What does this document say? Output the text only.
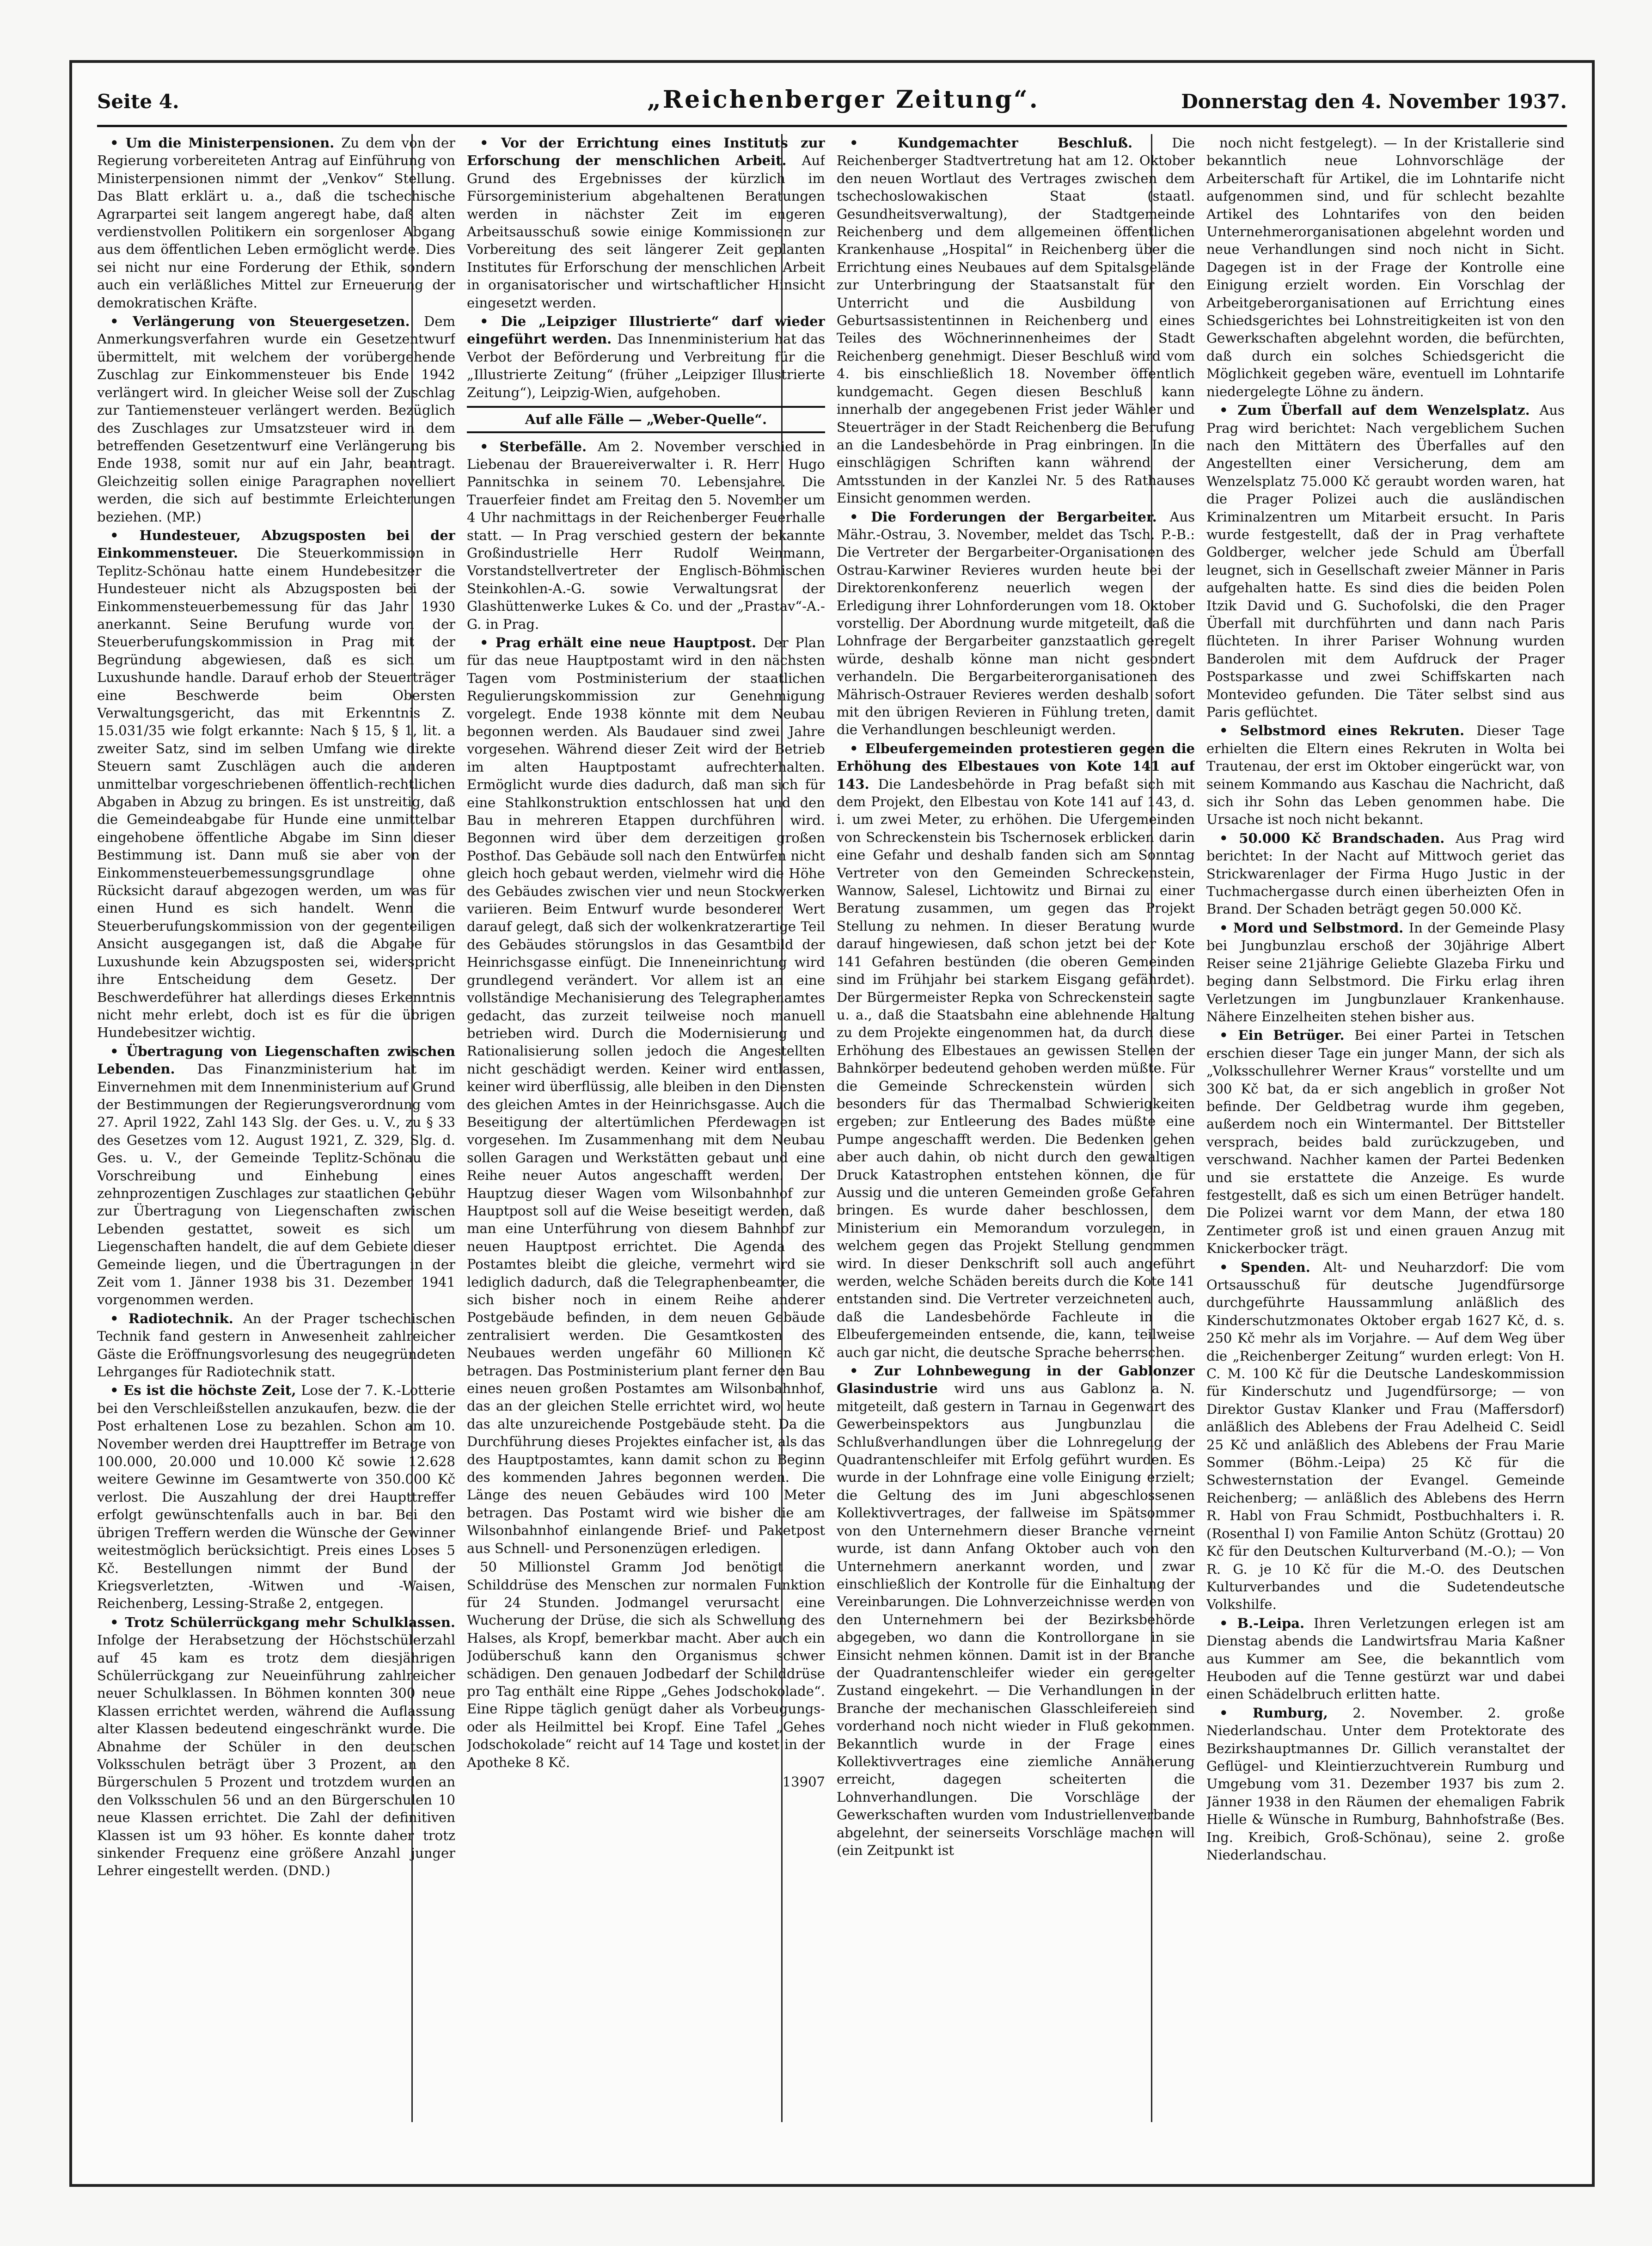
Seite 4.	„Reichenberger Zeitung“.	Donnerstag den 4. November 1937.

• Um die Ministerpensionen. Zu dem von der Regierung vorbereiteten Antrag auf Einführung von Ministerpensionen nimmt der „Venkov“ Stellung. Das Blatt erklärt u. a., daß die tschechische Agrarpartei seit langem angeregt habe, daß alten verdienstvollen Politikern ein sorgenloser Abgang aus dem öffentlichen Leben ermöglicht werde. Dies sei nicht nur eine Forderung der Ethik, sondern auch ein verläßliches Mittel zur Erneuerung der demokratischen Kräfte.

• Verlängerung von Steuergesetzen. Dem Anmerkungsverfahren wurde ein Gesetzentwurf übermittelt, mit welchem der vorübergehende Zuschlag zur Einkommensteuer bis Ende 1942 verlängert wird. In gleicher Weise soll der Zuschlag zur Tantiemensteuer verlängert werden. Bezüglich des Zuschlages zur Umsatzsteuer wird in dem betreffenden Gesetzentwurf eine Verlängerung bis Ende 1938, somit nur auf ein Jahr, beantragt. Gleichzeitig sollen einige Paragraphen novelliert werden, die sich auf bestimmte Erleichterungen beziehen. (MP.)

• Hundesteuer, Abzugsposten bei der Einkommensteuer. Die Steuerkommission in Teplitz-Schönau hatte einem Hundebesitzer die Hundesteuer nicht als Abzugsposten bei der Einkommensteuerbemessung für das Jahr 1930 anerkannt. Seine Berufung wurde von der Steuerberufungskommission in Prag mit der Begründung abgewiesen, daß es sich um Luxushunde handle. Darauf erhob der Steuerträger eine Beschwerde beim Obersten Verwaltungsgericht, das mit Erkenntnis Z. 15.031/35 wie folgt erkannte: Nach § 15, § 1, lit. a zweiter Satz, sind im selben Umfang wie direkte Steuern samt Zuschlägen auch die anderen unmittelbar vorgeschriebenen öffentlich-rechtlichen Abgaben in Abzug zu bringen. Es ist unstreitig, daß die Gemeindeabgabe für Hunde eine unmittelbar eingehobene öffentliche Abgabe im Sinn dieser Bestimmung ist. Dann muß sie aber von der Einkommensteuerbemessungsgrundlage ohne Rücksicht darauf abgezogen werden, um was für einen Hund es sich handelt. Wenn die Steuerberufungskommission von der gegenteiligen Ansicht ausgegangen ist, daß die Abgabe für Luxushunde kein Abzugsposten sei, widerspricht ihre Entscheidung dem Gesetz. Der Beschwerdeführer hat allerdings dieses Erkenntnis nicht mehr erlebt, doch ist es für die übrigen Hundebesitzer wichtig.

• Übertragung von Liegenschaften zwischen Lebenden. Das Finanzministerium hat im Einvernehmen mit dem Innenministerium auf Grund der Bestimmungen der Regierungsverordnung vom 27. April 1922, Zahl 143 Slg. der Ges. u. V., zu § 33 des Gesetzes vom 12. August 1921, Z. 329, Slg. d. Ges. u. V., der Gemeinde Teplitz-Schönau die Vorschreibung und Einhebung eines zehnprozentigen Zuschlages zur staatlichen Gebühr zur Übertragung von Liegenschaften zwischen Lebenden gestattet, soweit es sich um Liegenschaften handelt, die auf dem Gebiete dieser Gemeinde liegen, und die Übertragungen in der Zeit vom 1. Jänner 1938 bis 31. Dezember 1941 vorgenommen werden.

• Radiotechnik. An der Prager tschechischen Technik fand gestern in Anwesenheit zahlreicher Gäste die Eröffnungsvorlesung des neugegründeten Lehrganges für Radiotechnik statt.

• Es ist die höchste Zeit, Lose der 7. K.-Lotterie bei den Verschleißstellen anzukaufen, bezw. die der Post erhaltenen Lose zu bezahlen. Schon am 10. November werden drei Haupttreffer im Betrage von 100.000, 20.000 und 10.000 Kč sowie 12.628 weitere Gewinne im Gesamtwerte von 350.000 Kč verlost. Die Auszahlung der drei Haupttreffer erfolgt gewünschtenfalls auch in bar. Bei den übrigen Treffern werden die Wünsche der Gewinner weitestmöglich berücksichtigt. Preis eines Loses 5 Kč. Bestellungen nimmt der Bund der Kriegsverletzten, -Witwen und -Waisen, Reichenberg, Lessing-Straße 2, entgegen.

• Trotz Schülerrückgang mehr Schulklassen. Infolge der Herabsetzung der Höchstschülerzahl auf 45 kam es trotz dem diesjährigen Schülerrückgang zur Neueinführung zahlreicher neuer Schulklassen. In Böhmen konnten 300 neue Klassen errichtet werden, während die Auflassung alter Klassen bedeutend eingeschränkt wurde. Die Abnahme der Schüler in den deutschen Volksschulen beträgt über 3 Prozent, an den Bürgerschulen 5 Prozent und trotzdem wurden an den Volksschulen 56 und an den Bürgerschulen 10 neue Klassen errichtet. Die Zahl der definitiven Klassen ist um 93 höher. Es konnte daher trotz sinkender Frequenz eine größere Anzahl junger Lehrer eingestellt werden. (DND.)

• Vor der Errichtung eines Instituts zur Erforschung der menschlichen Arbeit. Auf Grund des Ergebnisses der kürzlich im Fürsorgeministerium abgehaltenen Beratungen werden in nächster Zeit im engeren Arbeitsausschuß sowie einige Kommissionen zur Vorbereitung des seit längerer Zeit geplanten Institutes für Erforschung der menschlichen Arbeit in organisatorischer und wirtschaftlicher Hinsicht eingesetzt werden.

• Die „Leipziger Illustrierte“ darf wieder eingeführt werden. Das Innenministerium hat das Verbot der Beförderung und Verbreitung für die „Illustrierte Zeitung“ (früher „Leipziger Illustrierte Zeitung“), Leipzig-Wien, aufgehoben.

Auf alle Fälle — „Weber-Quelle“.

• Sterbefälle. Am 2. November verschied in Liebenau der Brauereiverwalter i. R. Herr Hugo Pannitschka in seinem 70. Lebensjahre. Die Trauerfeier findet am Freitag den 5. November um 4 Uhr nachmittags in der Reichenberger Feuerhalle statt. — In Prag verschied gestern der bekannte Großindustrielle Herr Rudolf Weinmann, Vorstandstellvertreter der Englisch-Böhmischen Steinkohlen-A.-G. sowie Verwaltungsrat der Glashüttenwerke Lukes & Co. und der „Prastav“-A.-G. in Prag.

• Prag erhält eine neue Hauptpost. Der Plan für das neue Hauptpostamt wird in den nächsten Tagen vom Postministerium der staatlichen Regulierungskommission zur Genehmigung vorgelegt. Ende 1938 könnte mit dem Neubau begonnen werden. Als Baudauer sind zwei Jahre vorgesehen. Während dieser Zeit wird der Betrieb im alten Hauptpostamt aufrechterhalten. Ermöglicht wurde dies dadurch, daß man sich für eine Stahlkonstruktion entschlossen hat und den Bau in mehreren Etappen durchführen wird. Begonnen wird über dem derzeitigen großen Posthof. Das Gebäude soll nach den Entwürfen nicht gleich hoch gebaut werden, vielmehr wird die Höhe des Gebäudes zwischen vier und neun Stockwerken variieren. Beim Entwurf wurde besonderer Wert darauf gelegt, daß sich der wolkenkratzerartige Teil des Gebäudes störungslos in das Gesamtbild der Heinrichsgasse einfügt. Die Inneneinrichtung wird grundlegend verändert. Vor allem ist an eine vollständige Mechanisierung des Telegraphenamtes gedacht, das zurzeit teilweise noch manuell betrieben wird. Durch die Modernisierung und Rationalisierung sollen jedoch die Angestellten nicht geschädigt werden. Keiner wird entlassen, keiner wird überflüssig, alle bleiben in den Diensten des gleichen Amtes in der Heinrichsgasse. Auch die Beseitigung der altertümlichen Pferdewagen ist vorgesehen. Im Zusammenhang mit dem Neubau sollen Garagen und Werkstätten gebaut und eine Reihe neuer Autos angeschafft werden. Der Hauptzug dieser Wagen vom Wilsonbahnhof zur Hauptpost soll auf die Weise beseitigt werden, daß man eine Unterführung von diesem Bahnhof zur neuen Hauptpost errichtet. Die Agenda des Postamtes bleibt die gleiche, vermehrt wird sie lediglich dadurch, daß die Telegraphenbeamter, die sich bisher noch in einem Reihe anderer Postgebäude befinden, in dem neuen Gebäude zentralisiert werden. Die Gesamtkosten des Neubaues werden ungefähr 60 Millionen Kč betragen. Das Postministerium plant ferner den Bau eines neuen großen Postamtes am Wilsonbahnhof, das an der gleichen Stelle errichtet wird, wo heute das alte unzureichende Postgebäude steht. Da die Durchführung dieses Projektes einfacher ist, als das des Hauptpostamtes, kann damit schon zu Beginn des kommenden Jahres begonnen werden. Die Länge des neuen Gebäudes wird 100 Meter betragen. Das Postamt wird wie bisher die am Wilsonbahnhof einlangende Brief- und Paketpost aus Schnell- und Personenzügen erledigen.

50 Millionstel Gramm Jod benötigt die Schilddrüse des Menschen zur normalen Funktion für 24 Stunden. Jodmangel verursacht eine Wucherung der Drüse, die sich als Schwellung des Halses, als Kropf, bemerkbar macht. Aber auch ein Jodüberschuß kann den Organismus schwer schädigen. Den genauen Jodbedarf der Schilddrüse pro Tag enthält eine Rippe „Gehes Jodschokolade“. Eine Rippe täglich genügt daher als Vorbeugungs- oder als Heilmittel bei Kropf. Eine Tafel „Gehes Jodschokolade“ reicht auf 14 Tage und kostet in der Apotheke 8 Kč.

13907

• Kundgemachter Beschluß. Die Reichenberger Stadtvertretung hat am 12. Oktober den neuen Wortlaut des Vertrages zwischen dem tschechoslowakischen Staat (staatl. Gesundheitsverwaltung), der Stadtgemeinde Reichenberg und dem allgemeinen öffentlichen Krankenhause „Hospital“ in Reichenberg über die Errichtung eines Neubaues auf dem Spitalsgelände zur Unterbringung der Staatsanstalt für den Unterricht und die Ausbildung von Geburtsassistentinnen in Reichenberg und eines Teiles des Wöchnerinnenheimes der Stadt Reichenberg genehmigt. Dieser Beschluß wird vom 4. bis einschließlich 18. November öffentlich kundgemacht. Gegen diesen Beschluß kann innerhalb der angegebenen Frist jeder Wähler und Steuerträger in der Stadt Reichenberg die Berufung an die Landesbehörde in Prag einbringen. In die einschlägigen Schriften kann während der Amtsstunden in der Kanzlei Nr. 5 des Rathauses Einsicht genommen werden.

• Die Forderungen der Bergarbeiter. Aus Mähr.-Ostrau, 3. November, meldet das Tsch. P.-B.: Die Vertreter der Bergarbeiter-Organisationen des Ostrau-Karwiner Revieres wurden heute bei der Direktorenkonferenz neuerlich wegen der Erledigung ihrer Lohnforderungen vom 18. Oktober vorstellig. Der Abordnung wurde mitgeteilt, daß die Lohnfrage der Bergarbeiter ganzstaatlich geregelt würde, deshalb könne man nicht gesondert verhandeln. Die Bergarbeiterorganisationen des Mährisch-Ostrauer Revieres werden deshalb sofort mit den übrigen Revieren in Fühlung treten, damit die Verhandlungen beschleunigt werden.

• Elbeufergemeinden protestieren gegen die Erhöhung des Elbestaues von Kote 141 auf 143. Die Landesbehörde in Prag befaßt sich mit dem Projekt, den Elbestau von Kote 141 auf 143, d. i. um zwei Meter, zu erhöhen. Die Ufergemeinden von Schreckenstein bis Tschernosek erblicken darin eine Gefahr und deshalb fanden sich am Sonntag Vertreter von den Gemeinden Schreckenstein, Wannow, Salesel, Lichtowitz und Birnai zu einer Beratung zusammen, um gegen das Projekt Stellung zu nehmen. In dieser Beratung wurde darauf hingewiesen, daß schon jetzt bei der Kote 141 Gefahren bestünden (die oberen Gemeinden sind im Frühjahr bei starkem Eisgang gefährdet). Der Bürgermeister Repka von Schreckenstein sagte u. a., daß die Staatsbahn eine ablehnende Haltung zu dem Projekte eingenommen hat, da durch diese Erhöhung des Elbestaues an gewissen Stellen der Bahnkörper bedeutend gehoben werden müßte. Für die Gemeinde Schreckenstein würden sich besonders für das Thermalbad Schwierigkeiten ergeben; zur Entleerung des Bades müßte eine Pumpe angeschafft werden. Die Bedenken gehen aber auch dahin, ob nicht durch den gewaltigen Druck Katastrophen entstehen können, die für Aussig und die unteren Gemeinden große Gefahren bringen. Es wurde daher beschlossen, dem Ministerium ein Memorandum vorzulegen, in welchem gegen das Projekt Stellung genommen wird. In dieser Denkschrift soll auch angeführt werden, welche Schäden bereits durch die Kote 141 entstanden sind. Die Vertreter verzeichneten auch, daß die Landesbehörde Fachleute in die Elbeufergemeinden entsende, die, kann, teilweise auch gar nicht, die deutsche Sprache beherrschen.

• Zur Lohnbewegung in der Gablonzer Glasindustrie wird uns aus Gablonz a. N. mitgeteilt, daß gestern in Tarnau in Gegenwart des Gewerbeinspektors aus Jungbunzlau die Schlußverhandlungen über die Lohnregelung der Quadrantenschleifer mit Erfolg geführt wurden. Es wurde in der Lohnfrage eine volle Einigung erzielt; die Geltung des im Juni abgeschlossenen Kollektivvertrages, der fallweise im Spätsommer von den Unternehmern dieser Branche verneint wurde, ist dann Anfang Oktober auch von den Unternehmern anerkannt worden, und zwar einschließlich der Kontrolle für die Einhaltung der Vereinbarungen. Die Lohnverzeichnisse werden von den Unternehmern bei der Bezirksbehörde abgegeben, wo dann die Kontrollorgane in sie Einsicht nehmen können. Damit ist in der Branche der Quadrantenschleifer wieder ein geregelter Zustand eingekehrt. — Die Verhandlungen in der Branche der mechanischen Glasschleifereien sind vorderhand noch nicht wieder in Fluß gekommen. Bekanntlich wurde in der Frage eines Kollektivvertrages eine ziemliche Annäherung erreicht, dagegen scheiterten die Lohnverhandlungen. Die Vorschläge der Gewerkschaften wurden vom Industriellenverbande abgelehnt, der seinerseits Vorschläge machen will (ein Zeitpunkt ist

noch nicht festgelegt). — In der Kristallerie sind bekanntlich neue Lohnvorschläge der Arbeiterschaft für Artikel, die im Lohntarife nicht aufgenommen sind, und für schlecht bezahlte Artikel des Lohntarifes von den beiden Unternehmerorganisationen abgelehnt worden und neue Verhandlungen sind noch nicht in Sicht. Dagegen ist in der Frage der Kontrolle eine Einigung erzielt worden. Ein Vorschlag der Arbeitgeberorganisationen auf Errichtung eines Schiedsgerichtes bei Lohnstreitigkeiten ist von den Gewerkschaften abgelehnt worden, die befürchten, daß durch ein solches Schiedsgericht die Möglichkeit gegeben wäre, eventuell im Lohntarife niedergelegte Löhne zu ändern.

• Zum Überfall auf dem Wenzelsplatz. Aus Prag wird berichtet: Nach vergeblichem Suchen nach den Mittätern des Überfalles auf den Angestellten einer Versicherung, dem am Wenzelsplatz 75.000 Kč geraubt worden waren, hat die Prager Polizei auch die ausländischen Kriminalzentren um Mitarbeit ersucht. In Paris wurde festgestellt, daß der in Prag verhaftete Goldberger, welcher jede Schuld am Überfall leugnet, sich in Gesellschaft zweier Männer in Paris aufgehalten hatte. Es sind dies die beiden Polen Itzik David und G. Suchofolski, die den Prager Überfall mit durchführten und dann nach Paris flüchteten. In ihrer Pariser Wohnung wurden Banderolen mit dem Aufdruck der Prager Postsparkasse und zwei Schiffskarten nach Montevideo gefunden. Die Täter selbst sind aus Paris geflüchtet.

• Selbstmord eines Rekruten. Dieser Tage erhielten die Eltern eines Rekruten in Wolta bei Trautenau, der erst im Oktober eingerückt war, von seinem Kommando aus Kaschau die Nachricht, daß sich ihr Sohn das Leben genommen habe. Die Ursache ist noch nicht bekannt.

• 50.000 Kč Brandschaden. Aus Prag wird berichtet: In der Nacht auf Mittwoch geriet das Strickwarenlager der Firma Hugo Justic in der Tuchmachergasse durch einen überheizten Ofen in Brand. Der Schaden beträgt gegen 50.000 Kč.

• Mord und Selbstmord. In der Gemeinde Plasy bei Jungbunzlau erschoß der 30jährige Albert Reiser seine 21jährige Geliebte Glazeba Firku und beging dann Selbstmord. Die Firku erlag ihren Verletzungen im Jungbunzlauer Krankenhause. Nähere Einzelheiten stehen bisher aus.

• Ein Betrüger. Bei einer Partei in Tetschen erschien dieser Tage ein junger Mann, der sich als „Volksschullehrer Werner Kraus“ vorstellte und um 300 Kč bat, da er sich angeblich in großer Not befinde. Der Geldbetrag wurde ihm gegeben, außerdem noch ein Wintermantel. Der Bittsteller versprach, beides bald zurückzugeben, und verschwand. Nachher kamen der Partei Bedenken und sie erstattete die Anzeige. Es wurde festgestellt, daß es sich um einen Betrüger handelt. Die Polizei warnt vor dem Mann, der etwa 180 Zentimeter groß ist und einen grauen Anzug mit Knickerbocker trägt.

• Spenden. Alt- und Neuharzdorf: Die vom Ortsausschuß für deutsche Jugendfürsorge durchgeführte Haussammlung anläßlich des Kinderschutzmonates Oktober ergab 1627 Kč, d. s. 250 Kč mehr als im Vorjahre. — Auf dem Weg über die „Reichenberger Zeitung“ wurden erlegt: Von H. C. M. 100 Kč für die Deutsche Landeskommission für Kinderschutz und Jugendfürsorge; — von Direktor Gustav Klanker und Frau (Maffersdorf) anläßlich des Ablebens der Frau Adelheid C. Seidl 25 Kč und anläßlich des Ablebens der Frau Marie Sommer (Böhm.-Leipa) 25 Kč für die Schwesternstation der Evangel. Gemeinde Reichenberg; — anläßlich des Ablebens des Herrn R. Habl von Frau Schmidt, Postbuchhalters i. R. (Rosenthal I) von Familie Anton Schütz (Grottau) 20 Kč für den Deutschen Kulturverband (M.-O.); — Von R. G. je 10 Kč für die M.-O. des Deutschen Kulturverbandes und die Sudetendeutsche Volkshilfe.

• B.-Leipa. Ihren Verletzungen erlegen ist am Dienstag abends die Landwirtsfrau Maria Kaßner aus Kummer am See, die bekanntlich vom Heuboden auf die Tenne gestürzt war und dabei einen Schädelbruch erlitten hatte.

• Rumburg, 2. November. 2. große Niederlandschau. Unter dem Protektorate des Bezirkshauptmannes Dr. Gillich veranstaltet der Geflügel- und Kleintierzuchtverein Rumburg und Umgebung vom 31. Dezember 1937 bis zum 2. Jänner 1938 in den Räumen der ehemaligen Fabrik Hielle & Wünsche in Rumburg, Bahnhofstraße (Bes. Ing. Kreibich, Groß-Schönau), seine 2. große Niederlandschau.
